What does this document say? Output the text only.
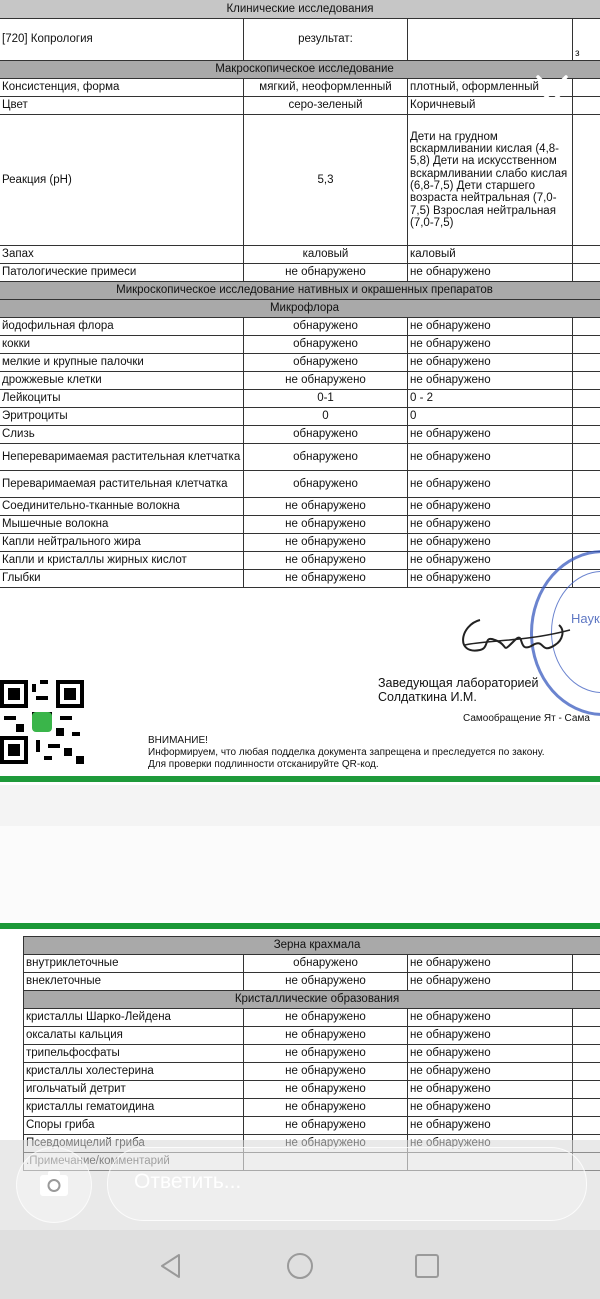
Клинические исследования
[720] Копрология	результат:		з
Макроскопическое исследование			
Консистенция, форма	мягкий, неоформленный	плотный, оформленный	
Цвет	серо-зеленый	Коричневый	
Реакция (pH)	5,3	Дети на грудном вскармливании кислая (4,8-5,8) Дети на искусственном вскармливании слабо кислая (6,8-7,5) Дети старшего возраста нейтральная (7,0-7,5) Взрослая нейтральная (7,0-7,5)	
Запах	каловый	каловый	
Патологические примеси	не обнаружено	не обнаружено	
Микроскопическое исследование нативных и окрашенных препаратов			
Микрофлора			
йодофильная флора	обнаружено	не обнаружено	
кокки	обнаружено	не обнаружено	
мелкие и крупные палочки	обнаружено	не обнаружено	
дрожжевые клетки	не обнаружено	не обнаружено	
Лейкоциты	0-1	0 - 2	
Эритроциты	0	0	
Слизь	обнаружено	не обнаружено	
Непереваримаемая растительная клетчатка	обнаружено	не обнаружено	
Переваримаемая растительная клетчатка	обнаружено	не обнаружено	
Соединительно-тканные волокна	не обнаружено	не обнаружено	
Мышечные волокна	не обнаружено	не обнаружено	
Капли нейтрального жира	не обнаружено	не обнаружено	
Капли и кристаллы жирных кислот	не обнаружено	не обнаружено	
Глыбки	не обнаружено	не обнаружено	
Наук
Заведующая лабораторией
Солдаткина И.М.
Самообращение Ят - Сама
ВНИМАНИЕ!
Информируем, что любая подделка документа запрещена и преследуется по закону.
Для проверки подлинности отсканируйте QR-код.
Зерна крахмала			
внутриклеточные	обнаружено	не обнаружено	
внеклеточные	не обнаружено	не обнаружено	
Кристаллические образования			
кристаллы Шарко-Лейдена	не обнаружено	не обнаружено	
оксалаты кальция	не обнаружено	не обнаружено	
трипельфосфаты	не обнаружено	не обнаружено	
кристаллы холестерина	не обнаружено	не обнаружено	
игольчатый детрит	не обнаружено	не обнаружено	
кристаллы гематоидина	не обнаружено	не обнаружено	
Споры гриба	не обнаружено	не обнаружено	

Ответить...
